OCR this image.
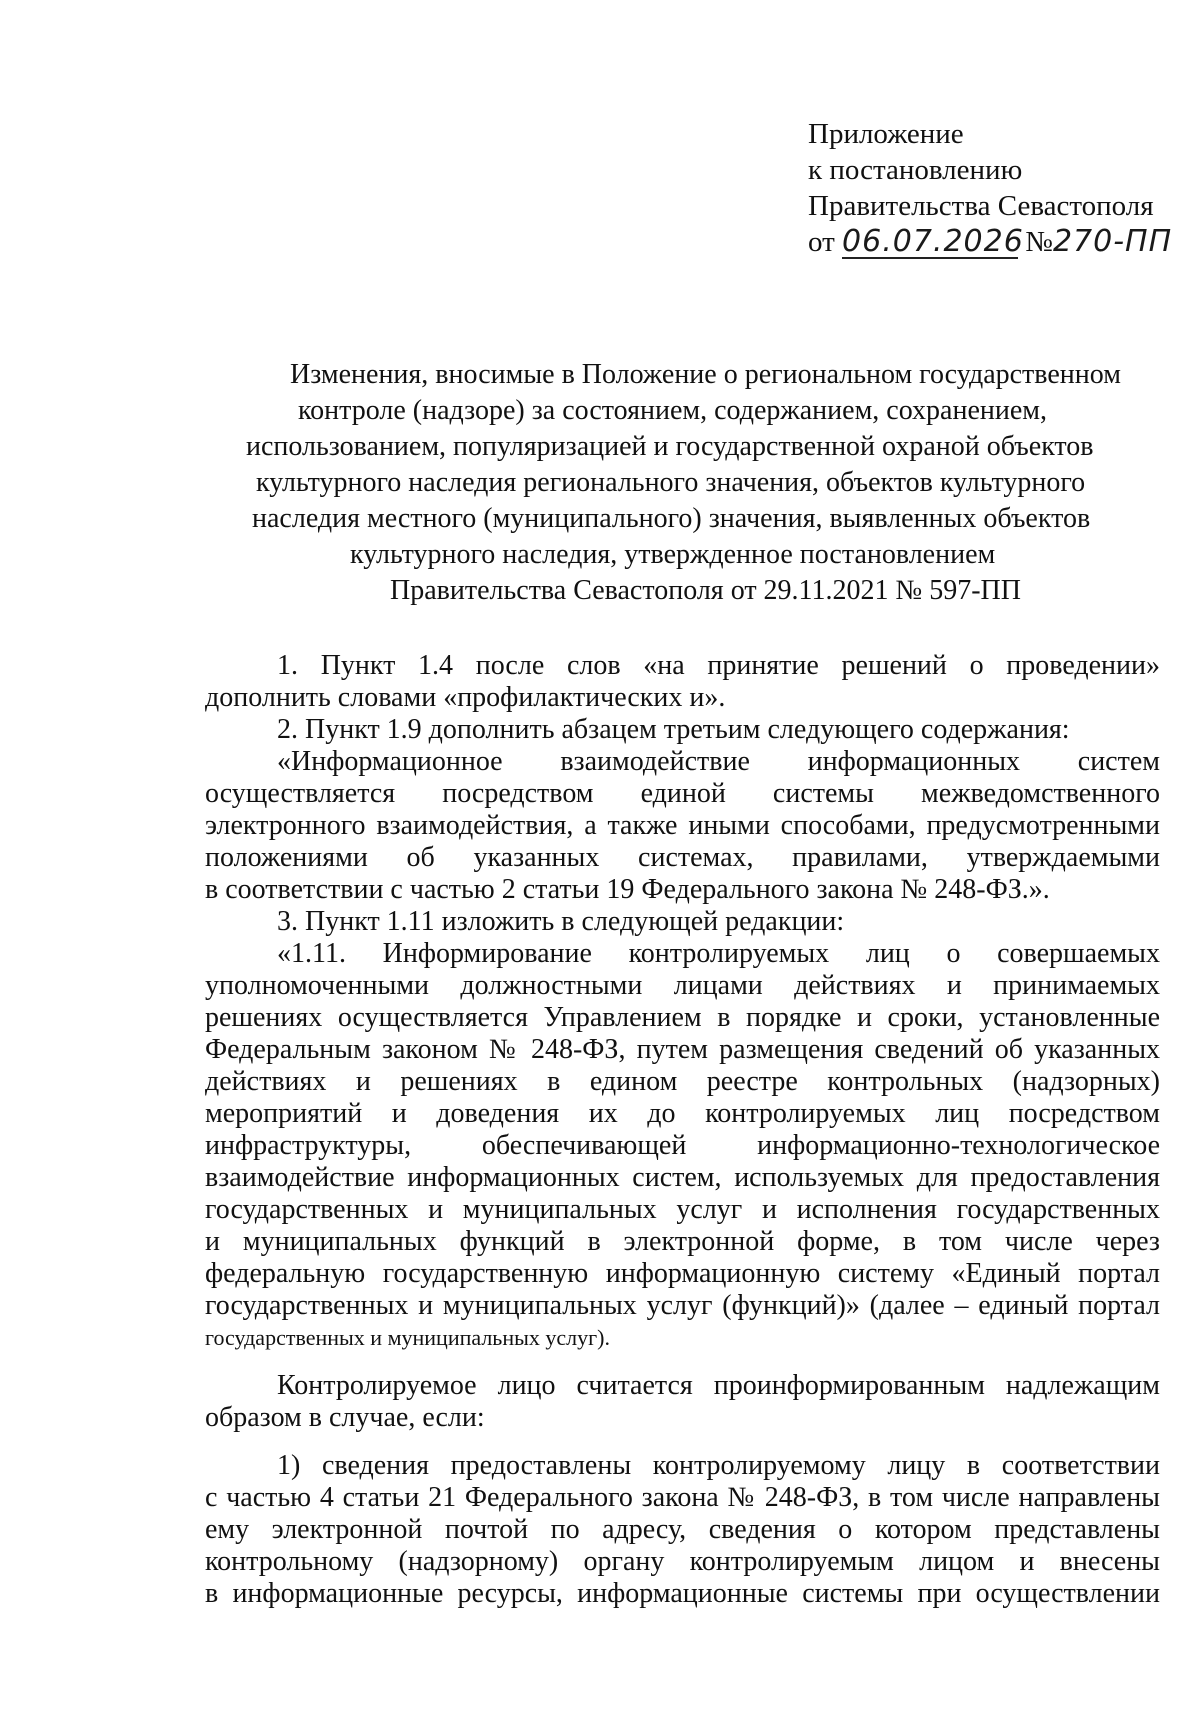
Приложение
к постановлению
Правительства Севастополя
от 06.07.2026 №270-ПП
Изменения, вносимые в Положение о региональном государственном
контроле (надзоре) за состоянием, содержанием, сохранением,
использованием, популяризацией и государственной охраной объектов
культурного наследия регионального значения, объектов культурного
наследия местного (муниципального) значения, выявленных объектов
культурного наследия, утвержденное постановлением
Правительства Севастополя от 29.11.2021 № 597-ПП
1. Пункт 1.4 после слов «на принятие решений о проведении»
дополнить словами «профилактических и».
2. Пункт 1.9 дополнить абзацем третьим следующего содержания:
«Информационное взаимодействие информационных систем
осуществляется посредством единой системы межведомственного
электронного взаимодействия, а также иными способами, предусмотренными
положениями об указанных системах, правилами, утверждаемыми
в соответствии с частью 2 статьи 19 Федерального закона № 248-ФЗ.».
3. Пункт 1.11 изложить в следующей редакции:
«1.11. Информирование контролируемых лиц о совершаемых
уполномоченными должностными лицами действиях и принимаемых
решениях осуществляется Управлением в порядке и сроки, установленные
Федеральным законом № 248-ФЗ, путем размещения сведений об указанных
действиях и решениях в едином реестре контрольных (надзорных)
мероприятий и доведения их до контролируемых лиц посредством
инфраструктуры, обеспечивающей информационно-технологическое
взаимодействие информационных систем, используемых для предоставления
государственных и муниципальных услуг и исполнения государственных
и муниципальных функций в электронной форме, в том числе через
федеральную государственную информационную систему «Единый портал
государственных и муниципальных услуг (функций)» (далее – единый портал
государственных и муниципальных услуг).
Контролируемое лицо считается проинформированным надлежащим
образом в случае, если:
1) сведения предоставлены контролируемому лицу в соответствии
с частью 4 статьи 21 Федерального закона № 248-ФЗ, в том числе направлены
ему электронной почтой по адресу, сведения о котором представлены
контрольному (надзорному) органу контролируемым лицом и внесены
в информационные ресурсы, информационные системы при осуществлении
